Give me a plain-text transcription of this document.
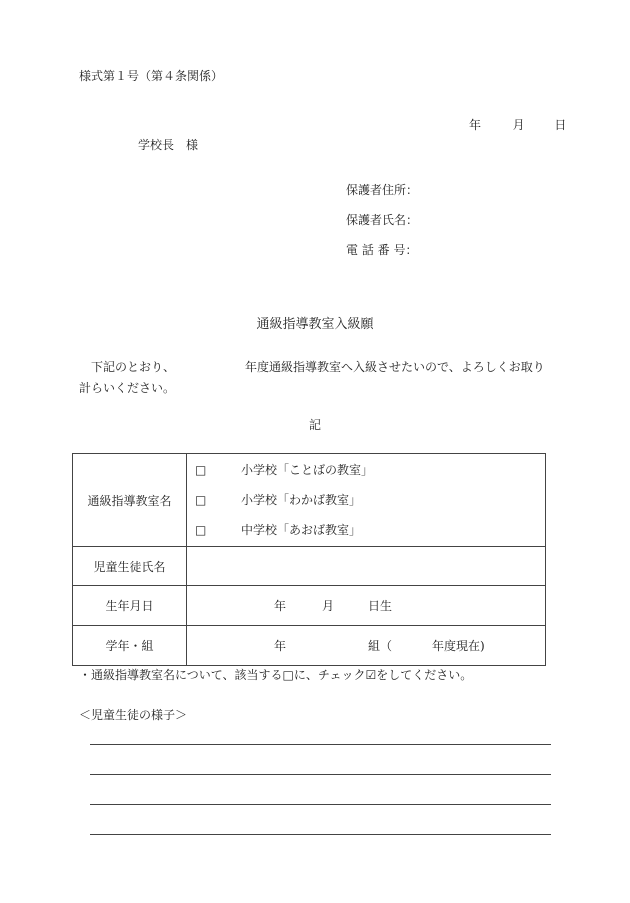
様式第１号（第４条関係）
年	月 日
学校長　様
保護者住所：
保護者氏名：
電 話 番 号：
通級指導教室入級願
下記のとおり、	年度通級指導教室へ入級させたいので、よろしくお取り計らいください。
記
通級指導教室名	□ 小学校「ことばの教室」
□ 小学校「わかば教室」
□ 中学校「あおば教室」

児童生徒氏名	
生年月日	年 月 日生
学年・組	年 組（ 年度現在)
・通級指導教室名について、該当する□に、チェック☑をしてください。
＜児童生徒の様子＞
